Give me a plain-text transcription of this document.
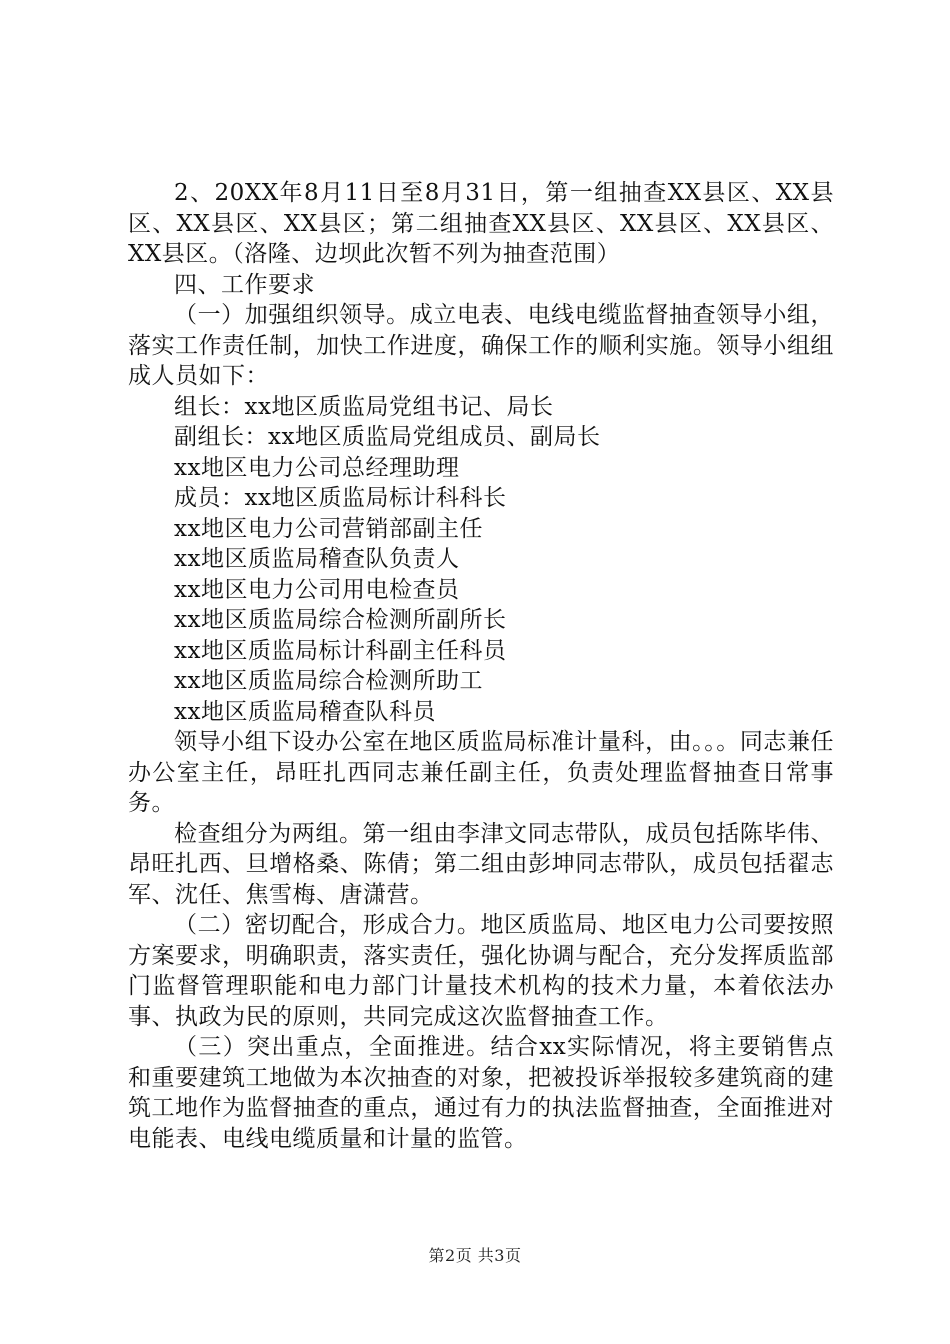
2、20XX年8月11日至8月31日，第一组抽查XX县区、XX县区、XX县区、XX县区；第二组抽查XX县区、XX县区、XX县区、XX县区。（洛隆、边坝此次暂不列为抽查范围）

四、工作要求

（一）加强组织领导。成立电表、电线电缆监督抽查领导小组，落实工作责任制，加快工作进度，确保工作的顺利实施。领导小组组成人员如下：

组长：xx地区质监局党组书记、局长

副组长：xx地区质监局党组成员、副局长

xx地区电力公司总经理助理

成员：xx地区质监局标计科科长

xx地区电力公司营销部副主任

xx地区质监局稽查队负责人

xx地区电力公司用电检查员

xx地区质监局综合检测所副所长

xx地区质监局标计科副主任科员

xx地区质监局综合检测所助工

xx地区质监局稽查队科员

领导小组下设办公室在地区质监局标准计量科，由。。。同志兼任办公室主任，昂旺扎西同志兼任副主任，负责处理监督抽查日常事务。

检查组分为两组。第一组由李津文同志带队，成员包括陈毕伟、昂旺扎西、旦增格桑、陈倩；第二组由彭坤同志带队，成员包括翟志军、沈任、焦雪梅、唐潇营。

（二）密切配合，形成合力。地区质监局、地区电力公司要按照方案要求，明确职责，落实责任，强化协调与配合，充分发挥质监部门监督管理职能和电力部门计量技术机构的技术力量，本着依法办事、执政为民的原则，共同完成这次监督抽查工作。

（三）突出重点，全面推进。结合xx实际情况，将主要销售点和重要建筑工地做为本次抽查的对象，把被投诉举报较多建筑商的建筑工地作为监督抽查的重点，通过有力的执法监督抽查，全面推进对电能表、电线电缆质量和计量的监管。

第2页 共3页
